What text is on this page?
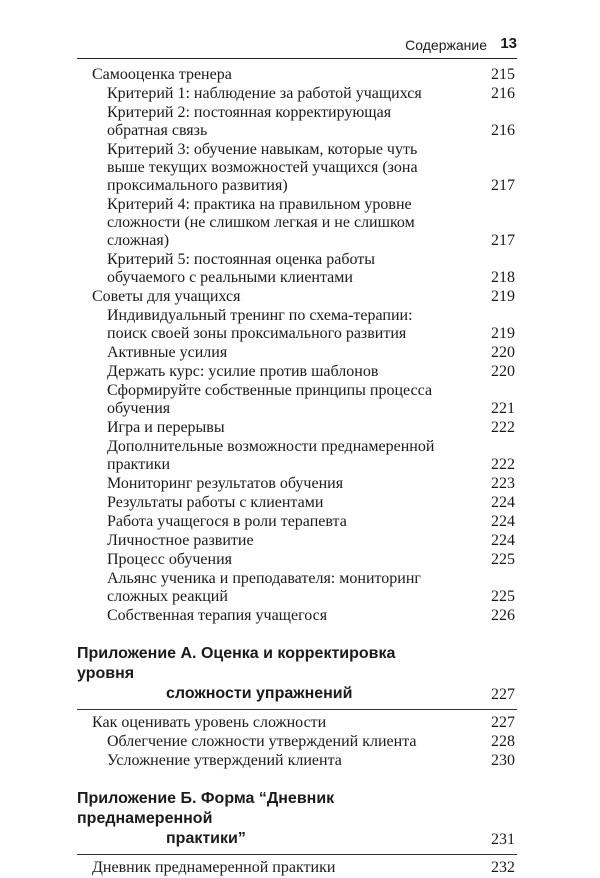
Содержание 13
Самооценка тренера	215
Критерий 1: наблюдение за работой учащихся	216
Критерий 2: постоянная корректирующая обратная связь	216
Критерий 3: обучение навыкам, которые чуть выше текущих возможностей учащихся (зона проксимального развития)	217
Критерий 4: практика на правильном уровне сложности (не слишком легкая и не слишком сложная)	217
Критерий 5: постоянная оценка работы обучаемого с реальными клиентами	218
Советы для учащихся	219
Индивидуальный тренинг по схема-терапии: поиск своей зоны проксимального развития	219
Активные усилия	220
Держать курс: усилие против шаблонов	220
Сформируйте собственные принципы процесса обучения	221
Игра и перерывы	222
Дополнительные возможности преднамеренной практики	222
Мониторинг результатов обучения	223
Результаты работы с клиентами	224
Работа учащегося в роли терапевта	224
Личностное развитие	224
Процесс обучения	225
Альянс ученика и преподавателя: мониторинг сложных реакций	225
Собственная терапия учащегося	226
Приложение А. Оценка и корректировка уровня
сложности упражнений	227
Как оценивать уровень сложности	227
Облегчение сложности утверждений клиента	228
Усложнение утверждений клиента	230
Приложение Б. Форма “Дневник преднамеренной
практики”	231
Дневник преднамеренной практики	232
